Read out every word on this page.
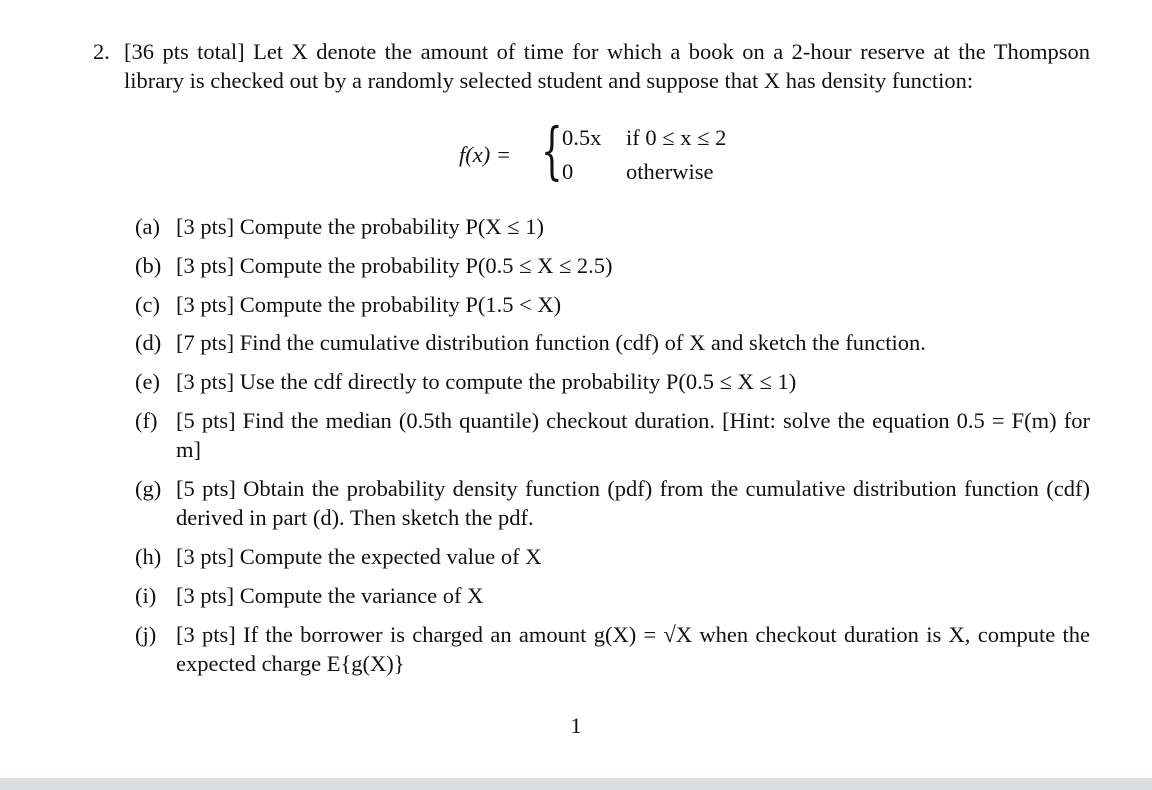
2. [36 pts total] Let X denote the amount of time for which a book on a 2-hour reserve at the Thompson library is checked out by a randomly selected student and suppose that X has density function:
f(x) = { 0.5x if 0 ≤ x ≤ 2
0 otherwise
(a) [3 pts] Compute the probability P(X ≤ 1)
(b) [3 pts] Compute the probability P(0.5 ≤ X ≤ 2.5)
(c) [3 pts] Compute the probability P(1.5 < X)
(d) [7 pts] Find the cumulative distribution function (cdf) of X and sketch the function.
(e) [3 pts] Use the cdf directly to compute the probability P(0.5 ≤ X ≤ 1)
(f) [5 pts] Find the median (0.5th quantile) checkout duration. [Hint: solve the equation 0.5 = F(m) for m]
(g) [5 pts] Obtain the probability density function (pdf) from the cumulative distribution function (cdf) derived in part (d). Then sketch the pdf.
(h) [3 pts] Compute the expected value of X
(i) [3 pts] Compute the variance of X
(j) [3 pts] If the borrower is charged an amount g(X) = √X when checkout duration is X, compute the expected charge E{g(X)}
1
